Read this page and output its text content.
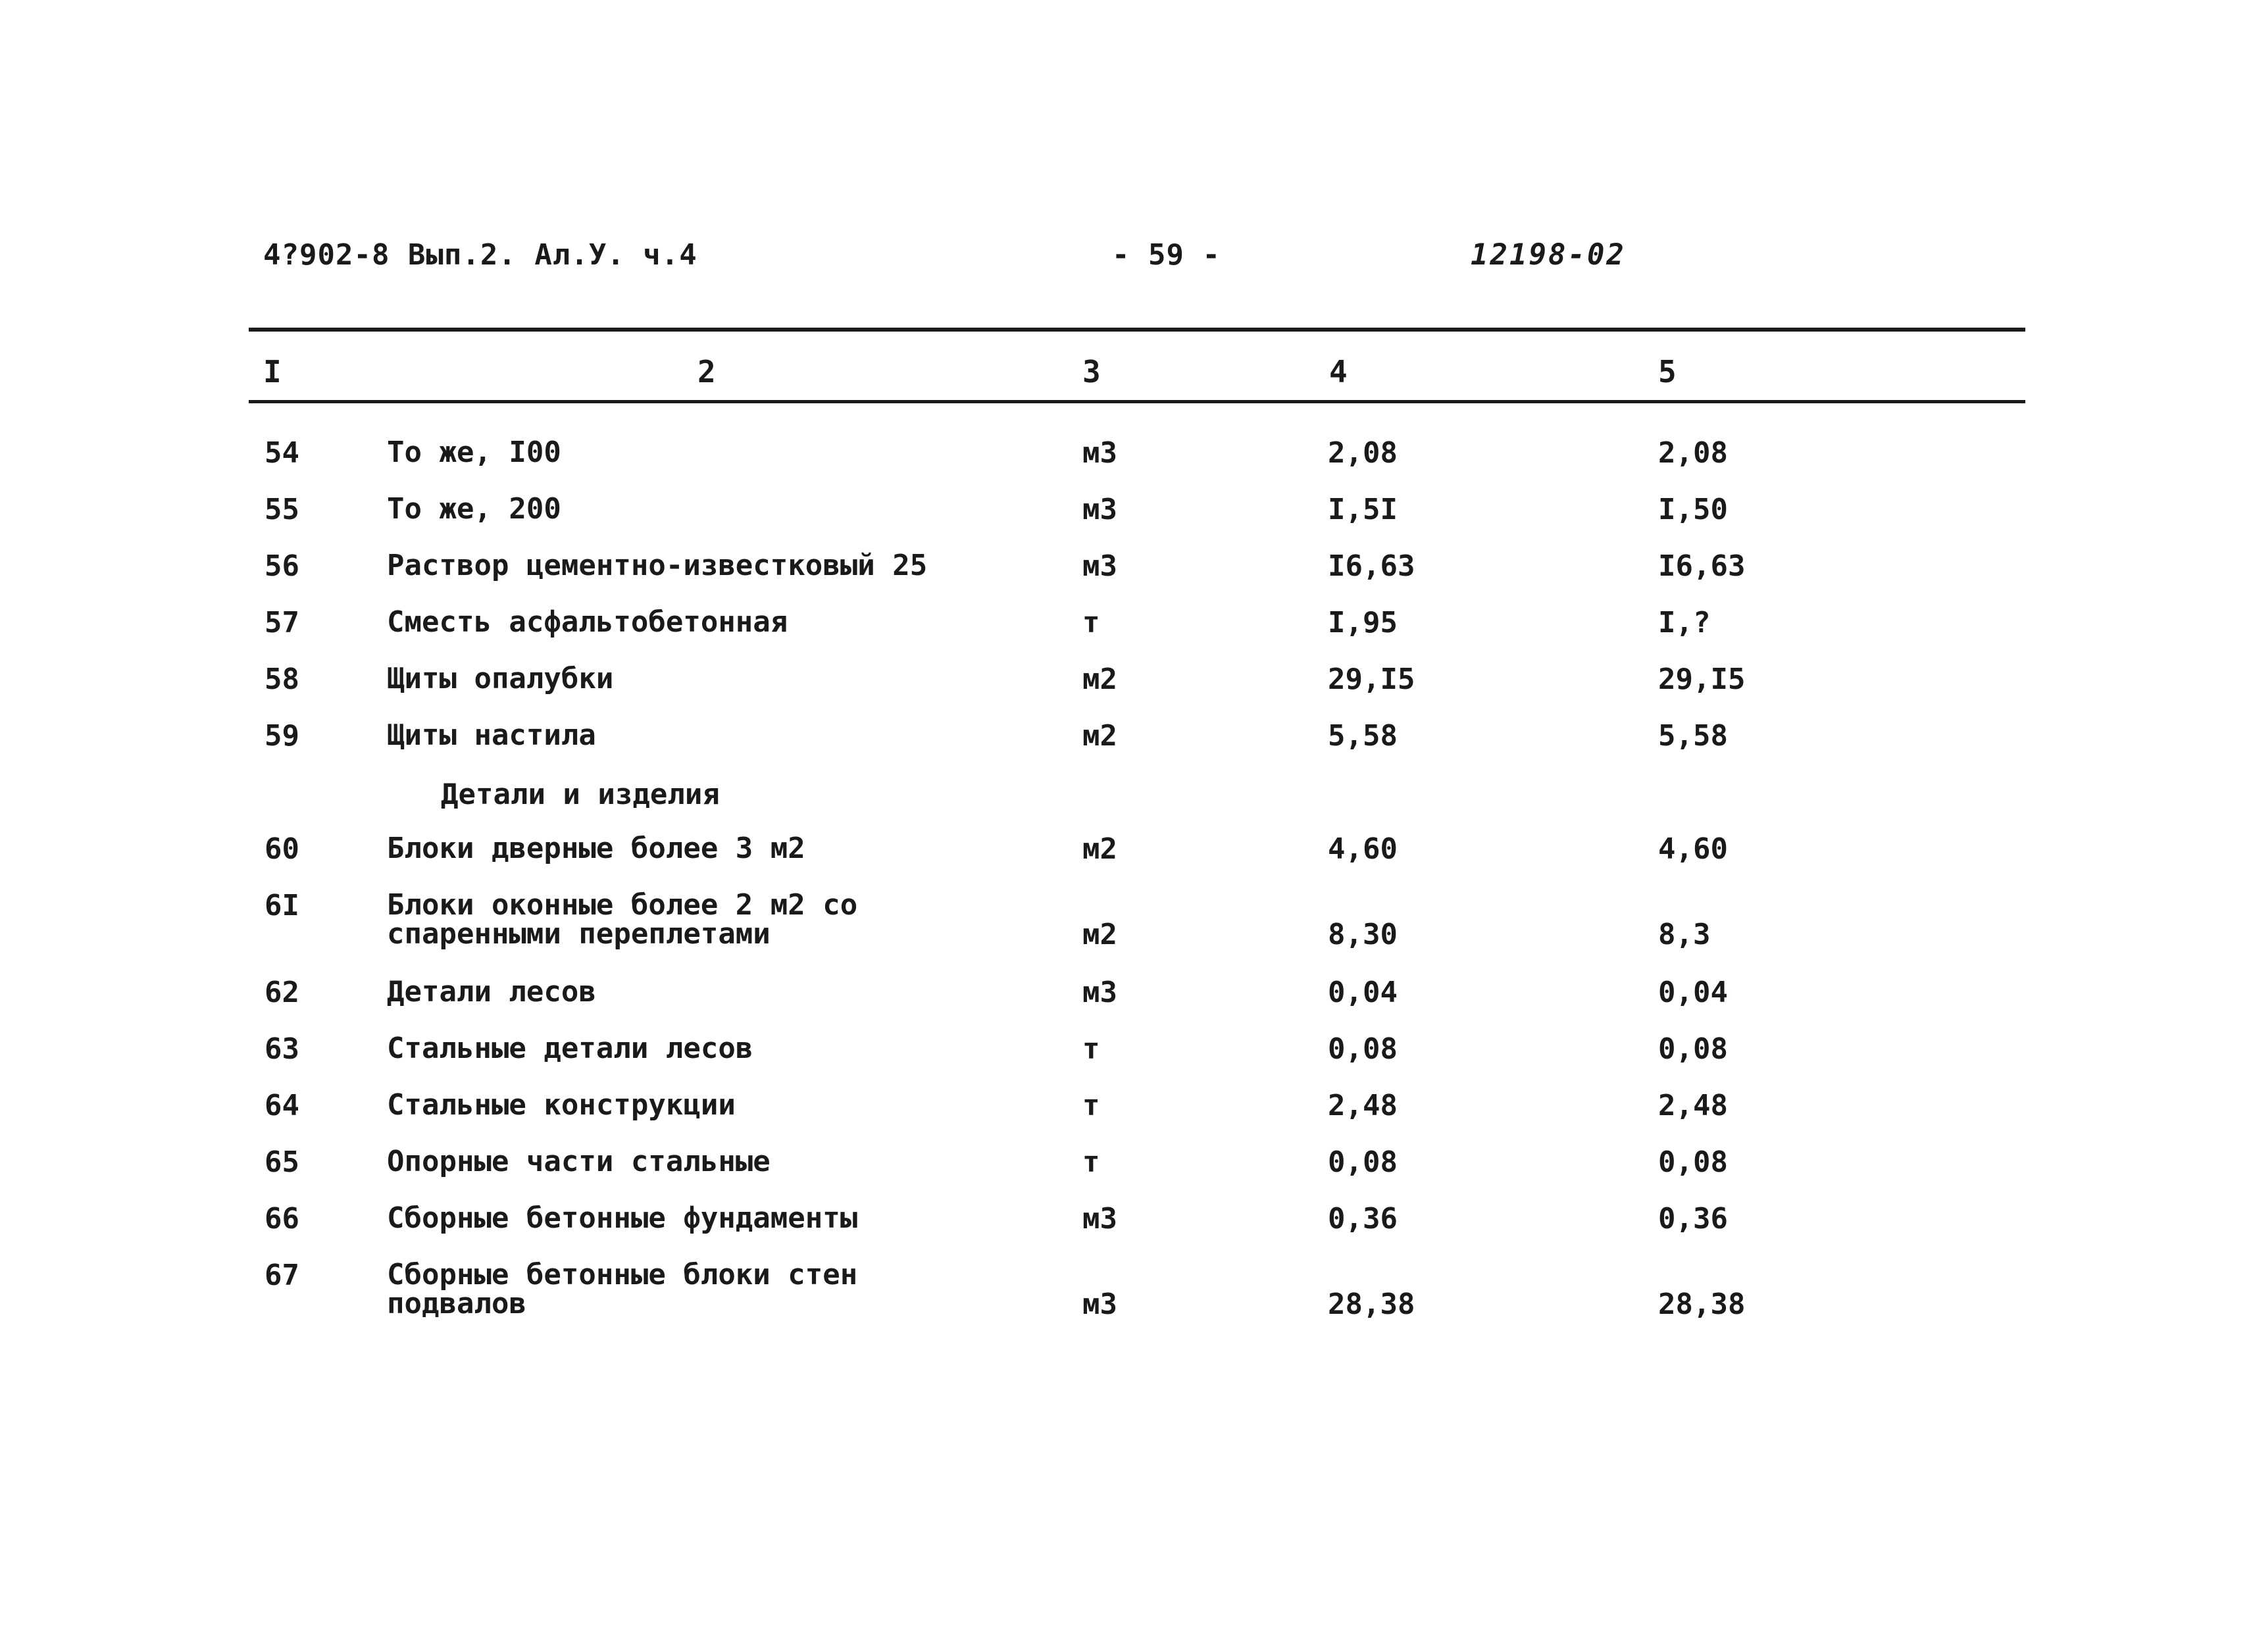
4?902-8 Вып.2. Ал.У. ч.4	- 59 -	12198-02
I	2	3	4	5
54	То же, I00	м3	2,08	2,08
55	То же, 200	м3	I,5I	I,50
56	Раствор цементно-известковый 25	м3	I6,63	I6,63
57	Сместь асфальтобетонная	т	I,95	I,?
58	Щиты опалубки	м2	29,I5	29,I5
59	Щиты настила	м2	5,58	5,58
Детали и изделия
60	Блоки дверные более 3 м2	м2	4,60	4,60
6I	Блоки оконные более 2 м2 со спаренными переплетами	м2	8,30	8,3
62	Детали лесов	м3	0,04	0,04
63	Стальные детали лесов	т	0,08	0,08
64	Стальные конструкции	т	2,48	2,48
65	Опорные части стальные	т	0,08	0,08
66	Сборные бетонные фундаменты	м3	0,36	0,36
67	Сборные бетонные блоки стен подвалов	м3	28,38	28,38
